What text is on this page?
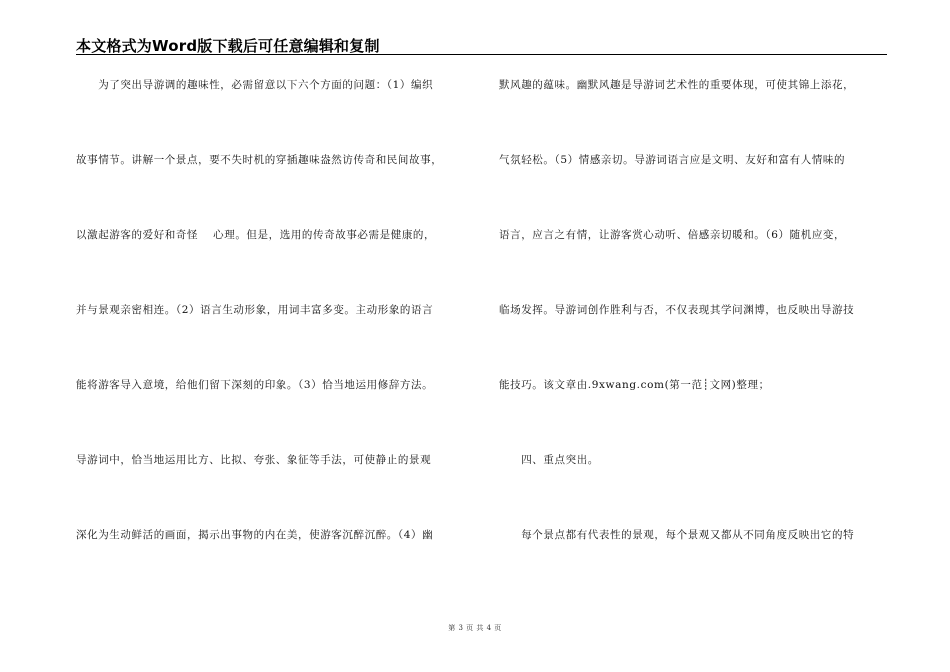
本文格式为Word版下载后可任意编辑和复制
　　为了突出导游调的趣味性，必需留意以下六个方面的问题：（1）编织
故事情节。讲解一个景点，要不失时机的穿插趣味盎然访传奇和民间故事，
以激起游客的爱好和奇怪　 心理。但是，选用的传奇故事必需是健康的，
并与景观亲密相连。（2）语言生动形象，用词丰富多变。主动形象的语言
能将游客导入意境，给他们留下深刻的印象。（3）恰当地运用修辞方法。
导游词中，恰当地运用比方、比拟、夸张、象征等手法，可使静止的景观
深化为生动鲜活的画面，揭示出事物的内在美，使游客沉醉沉醉。（4）幽
默风趣的蕴味。幽默风趣是导游词艺术性的重要体现，可使其锦上添花，
气氛轻松。（5）情感亲切。导游词语言应是文明、友好和富有人情味的
语言，应言之有情，让游客赏心动听、倍感亲切暖和。（6）随机应变，
临场发挥。导游词创作胜利与否，不仅表现其学问渊博，也反映出导游技
能技巧。该文章由.9xwang.com(第一范┊文网)整理；
　　四、重点突出。
　　每个景点都有代表性的景观，每个景观又都从不同角度反映出它的特
第 3 页 共 4 页
